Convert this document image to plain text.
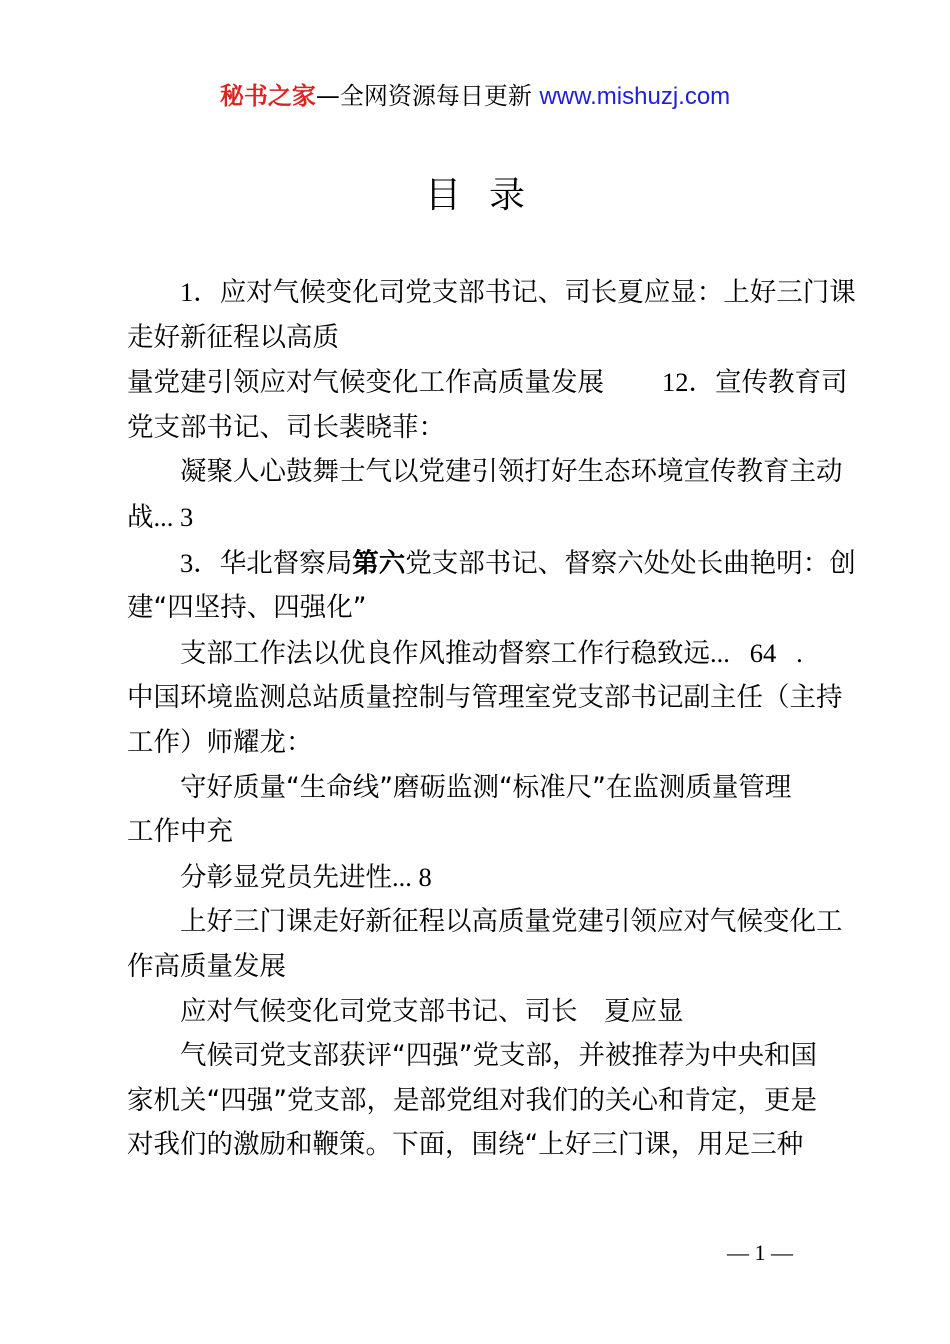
秘书之家—全网资源每日更新 www.mishuzj.com
目录

1．应对气候变化司党支部书记、司长夏应显：上好三门课

走好新征程以高质

量党建引领应对气候变化工作高质量发展 12．宣传教育司

党支部书记、司长裴晓菲：

凝聚人心鼓舞士气以党建引领打好生态环境宣传教育主动

战... 3

3．华北督察局第六党支部书记、督察六处处长曲艳明：创

建“四坚持、四强化”

支部工作法以优良作风推动督察工作行稳致远...   64   .

中国环境监测总站质量控制与管理室党支部书记副主任（主持

工作）师耀龙：

守好质量“生命线”磨砺监测“标准尺”在监测质量管理

工作中充

分彰显党员先进性... 8

上好三门课走好新征程以高质量党建引领应对气候变化工

作高质量发展

应对气候变化司党支部书记、司长　夏应显

气候司党支部获评“四强”党支部，并被推荐为中央和国

家机关“四强”党支部，是部党组对我们的关心和肯定，更是

对我们的激励和鞭策。下面，围绕“上好三门课，用足三种

— 1 —
